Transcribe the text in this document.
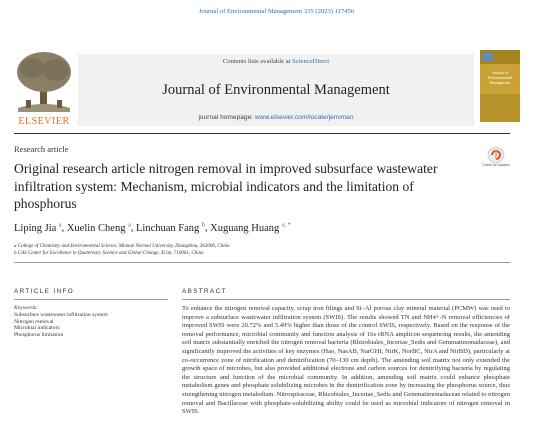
Journal of Environmental Management 335 (2023) 117456
ELSEVIER
Contents lists available at ScienceDirect
Journal of Environmental Management
journal homepage: www.elsevier.com/locate/jenvman
Journal of Environmental Management
Research article
Check for updates
Original research article nitrogen removal in improved subsurface wastewater infiltration system: Mechanism, microbial indicators and the limitation of phosphorus
Liping Jia $^a$, Xuelin Cheng $^a$, Linchuan Fang $^b$, Xuguang Huang $^{a, *}$
a College of Chemistry and Environmental Science, Minnan Normal University, Zhangzhou, 363000, China
b CAS Center for Excellence in Quaternary Science and Global Change, Xi'an, 710061, China
ARTICLE INFO	ABSTRACT
Keywords:
Subsurface wastewater infiltration system
Nitrogen removal
Microbial indicators
Phosphorus limitation
To enhance the nitrogen removal capacity, scrap iron filings and Si–Al porous clay mineral material (PCMW) was used to improve a subsurface wastewater infiltration system (SWIS). The results showed TN and NH4+-N removal efficiencies of improved SWIS were 20.72% and 5.49% higher than those of the control SWIS, respectively. Based on the response of the removal performance, microbial community and function analysis of 16s rRNA amplicon sequencing results, the amending soil matrix substantially enriched the nitrogen removal bacteria (Rhizobiales_Incertae_Sedis and Gemmatimonadaceae), and significantly improved the activities of key enzymes (Hao, NasAB, NarGHI, NirK, NorBC, NirA and NirBD), particularly at co-occurrence zone of nitrification and denitrification (70–130 cm depth). The amending soil matrix not only extended the growth space of microbes, but also provided additional electrons and carbon sources for denitrifying bacteria by regulating the structure and function of the microbial community. In addition, amending soil matrix could enhance phosphate metabolism genes and phosphate solubilizing microbes in the denitrification zone by increasing the phosphorus source, thus strengthening nitrogen metabolism. Nitrospiraceae, Rhizobiales_Incertae_Sedis and Gemmatimonadaceae related to nitrogen removal and Bacillaceae with phosphate-solubilizing ability could be used as microbial indicators of nitrogen removal in SWIS.
